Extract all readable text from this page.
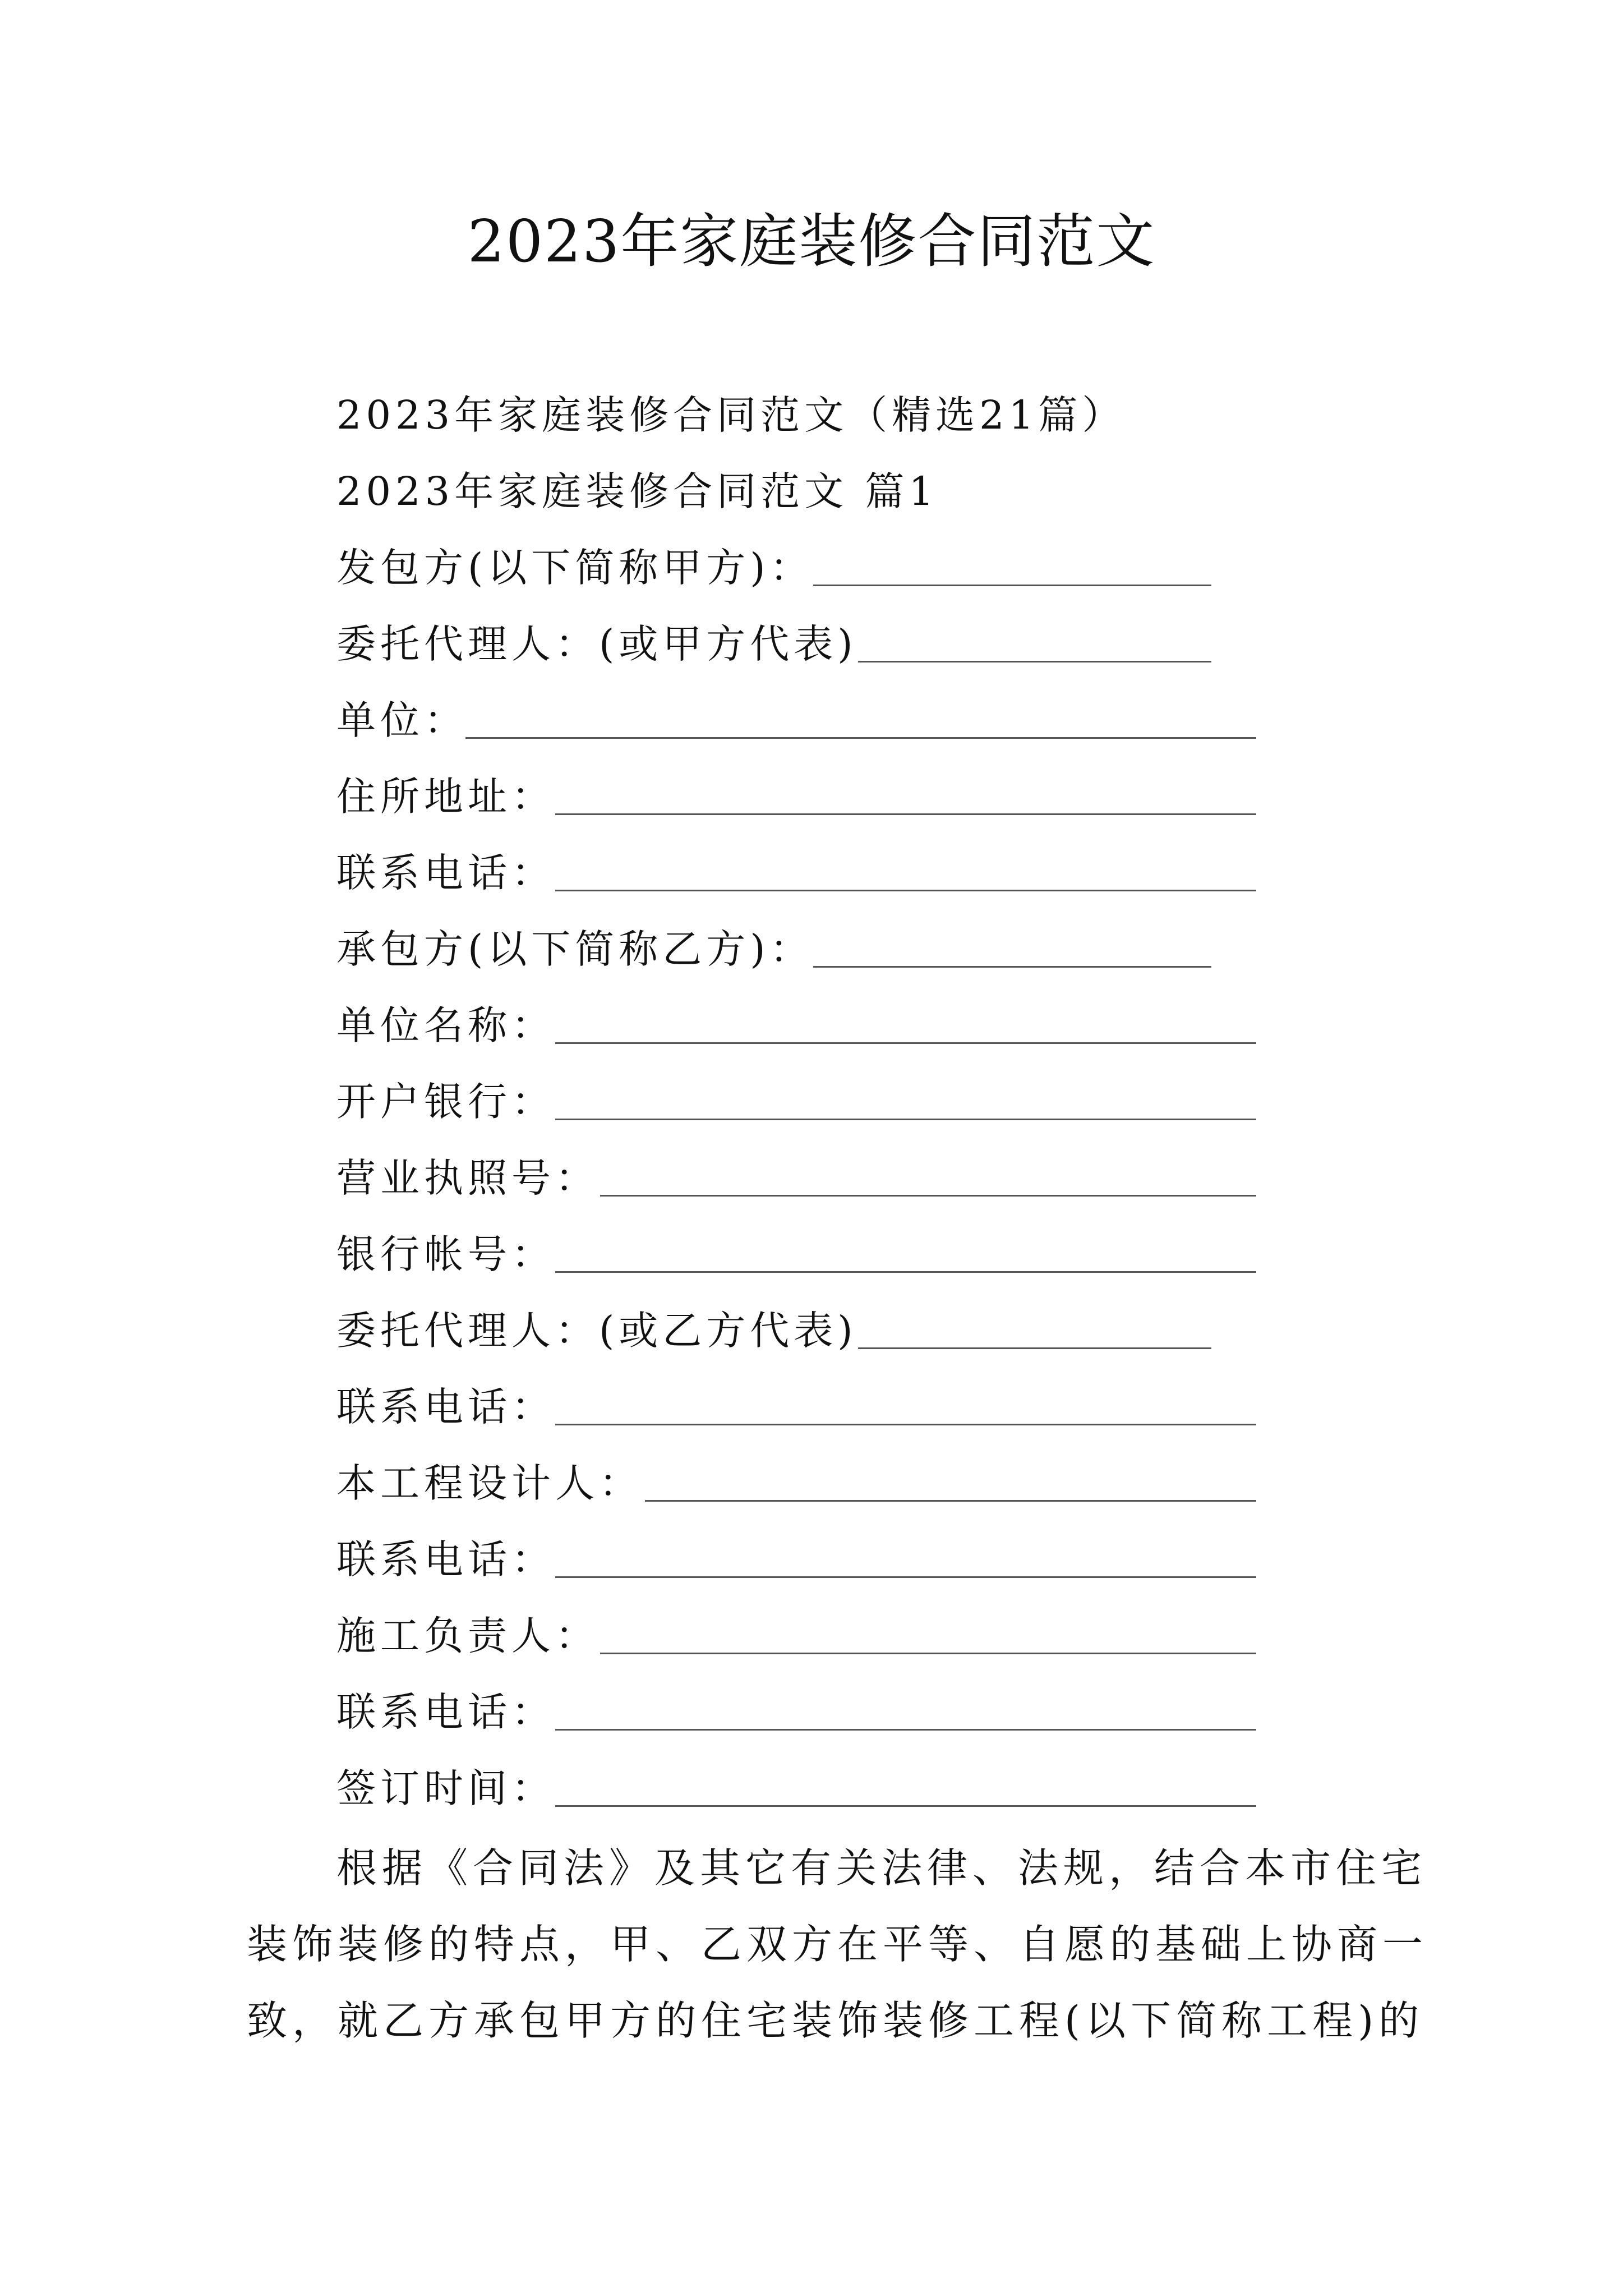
2023年家庭装修合同范文
2023年家庭装修合同范文（精选21篇）
2023年家庭装修合同范文 篇1
发包方(以下简称甲方)：
委托代理人：(或甲方代表)
单位：
住所地址：
联系电话：
承包方(以下简称乙方)：
单位名称：
开户银行：
营业执照号：
银行帐号：
委托代理人：(或乙方代表)
联系电话：
本工程设计人：
联系电话：
施工负责人：
联系电话：
签订时间：
根据《合同法》及其它有关法律、法规，结合本市住宅
装饰装修的特点，甲、乙双方在平等、自愿的基础上协商一
致，就乙方承包甲方的住宅装饰装修工程(以下简称工程)的
